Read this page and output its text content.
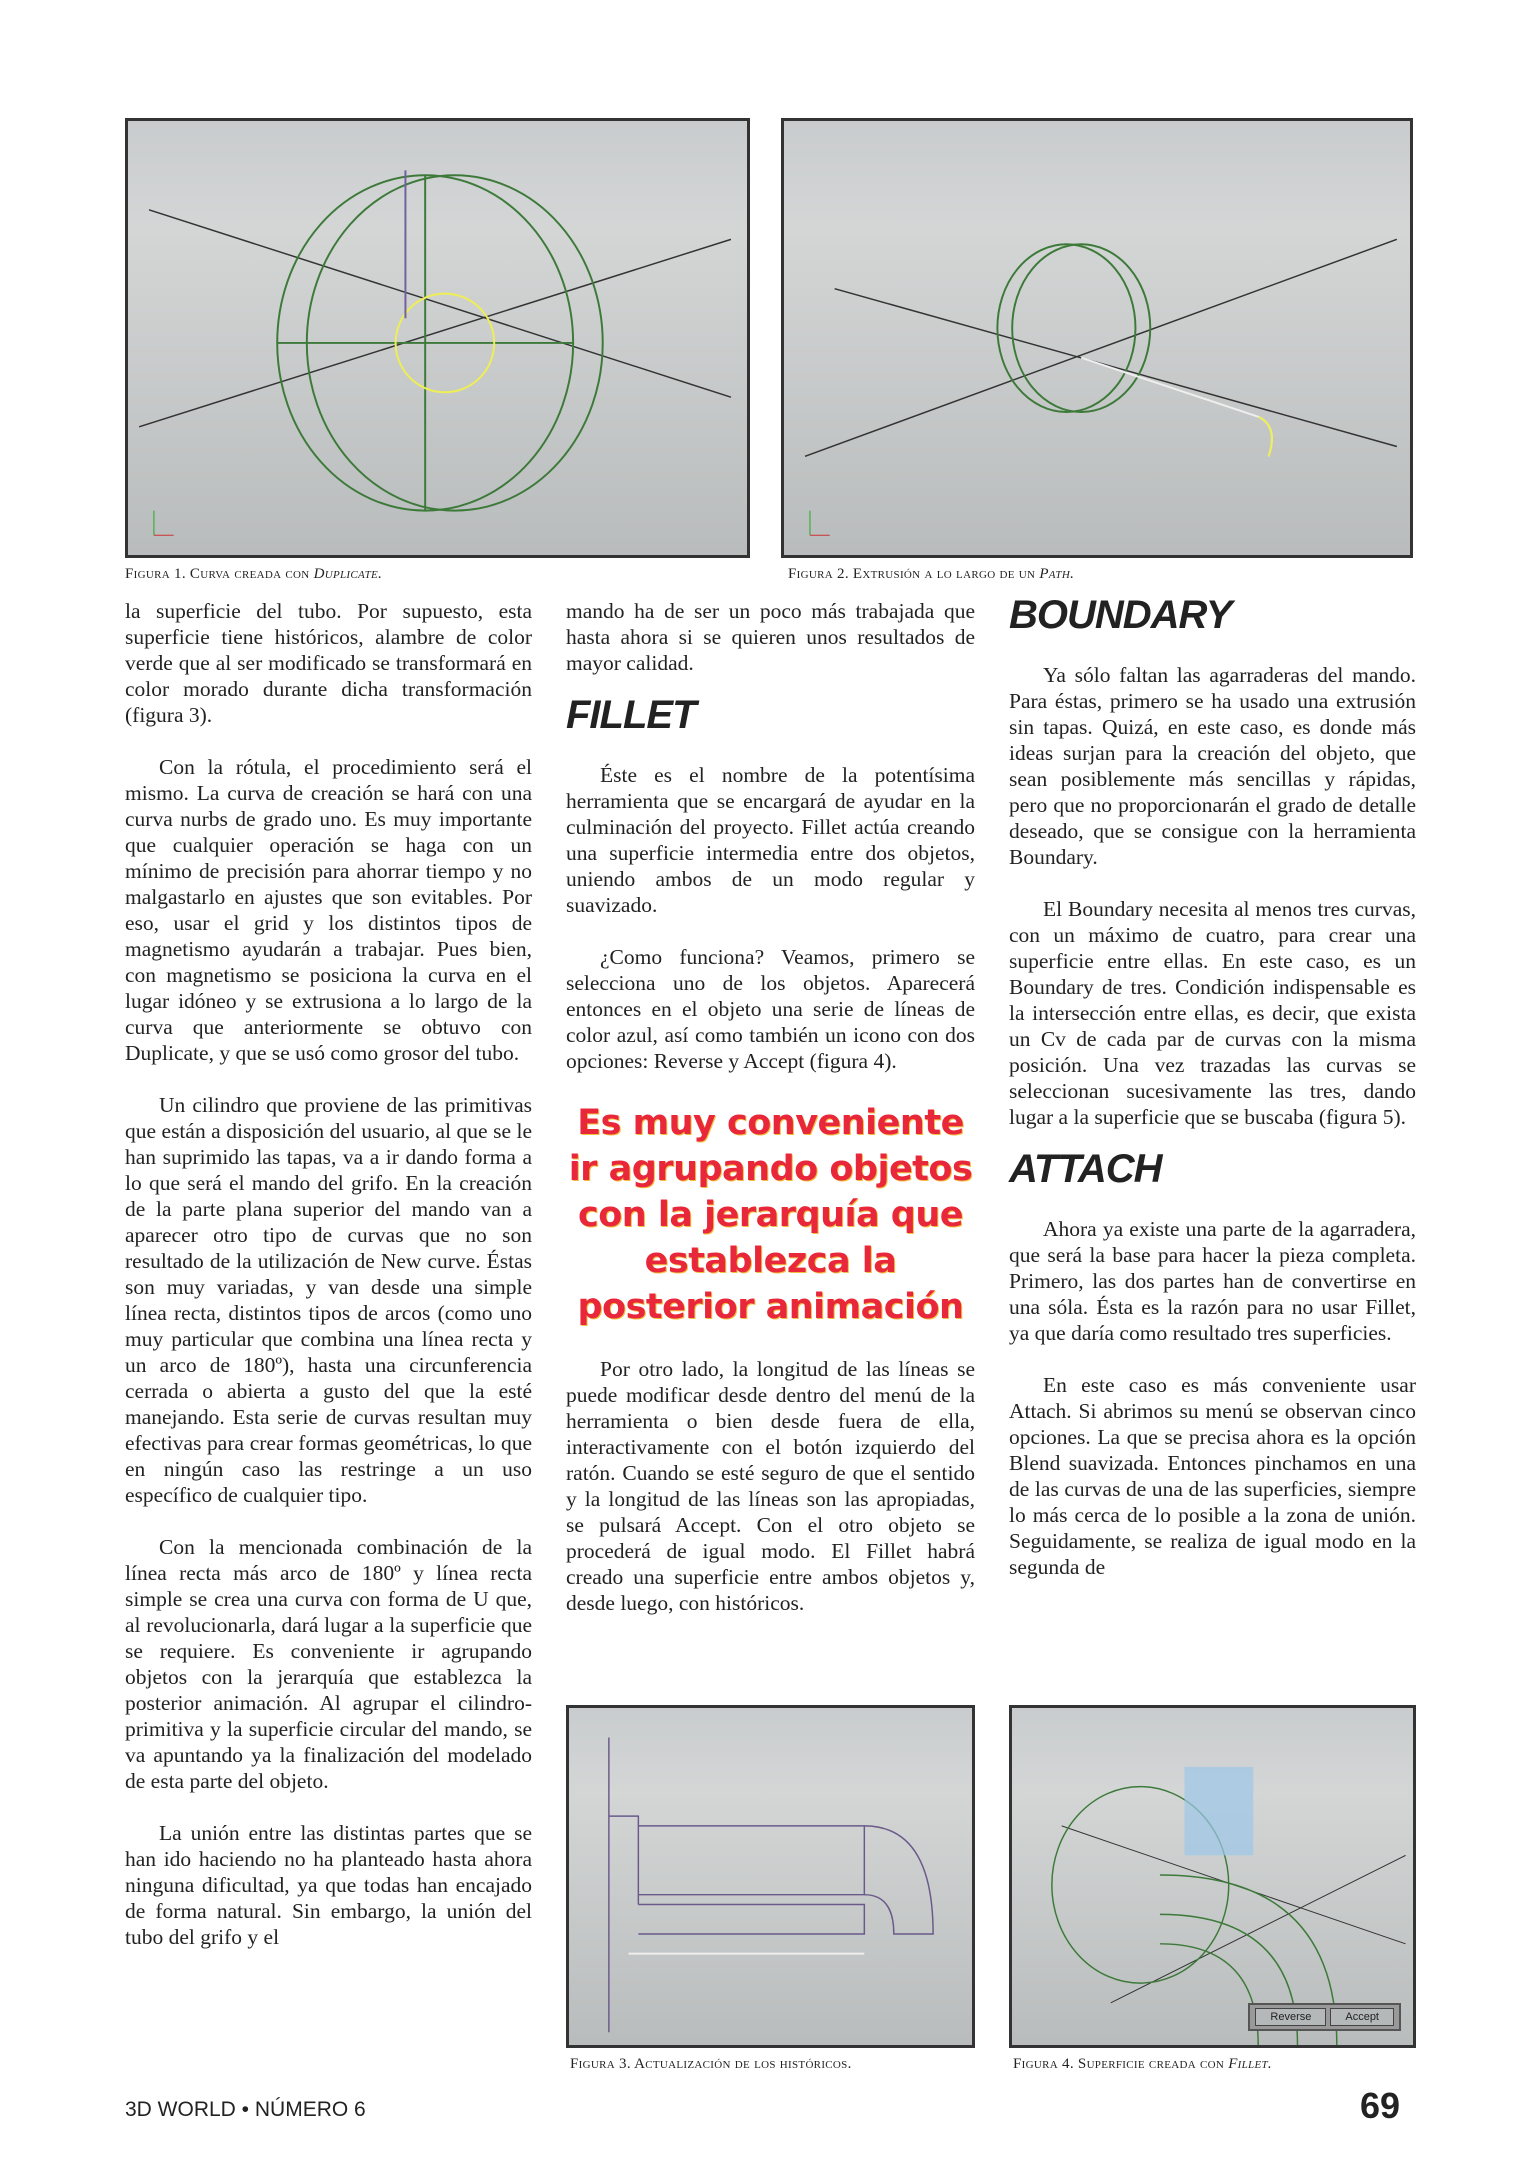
Figura 1. Curva creada con Duplicate.	Figura 2. Extrusión a lo largo de un Path.

la superficie del tubo. Por supuesto, esta superficie tiene históricos, alambre de color verde que al ser modificado se transformará en color morado durante dicha transformación (figura 3).

Con la rótula, el procedimiento será el mismo. La curva de creación se hará con una curva nurbs de grado uno. Es muy importante que cualquier operación se haga con un mínimo de precisión para ahorrar tiempo y no malgastarlo en ajustes que son evitables. Por eso, usar el grid y los distintos tipos de magnetismo ayudarán a trabajar. Pues bien, con magnetismo se posiciona la curva en el lugar idóneo y se extrusiona a lo largo de la curva que anteriormente se obtuvo con Duplicate, y que se usó como grosor del tubo.

Un cilindro que proviene de las primitivas que están a disposición del usuario, al que se le han suprimido las tapas, va a ir dando forma a lo que será el mando del grifo. En la creación de la parte plana superior del mando van a aparecer otro tipo de curvas que no son resultado de la utilización de New curve. Éstas son muy variadas, y van desde una simple línea recta, distintos tipos de arcos (como uno muy particular que combina una línea recta y un arco de 180º), hasta una circunferencia cerrada o abierta a gusto del que la esté manejando. Esta serie de curvas resultan muy efectivas para crear formas geométricas, lo que en ningún caso las restringe a un uso específico de cualquier tipo.

Con la mencionada combinación de la línea recta más arco de 180º y línea recta simple se crea una curva con forma de U que, al revolucionarla, dará lugar a la superficie que se requiere. Es conveniente ir agrupando objetos con la jerarquía que establezca la posterior animación. Al agrupar el cilindro-primitiva y la superficie circular del mando, se va apuntando ya la finalización del modelado de esta parte del objeto.

La unión entre las distintas partes que se han ido haciendo no ha planteado hasta ahora ninguna dificultad, ya que todas han encajado de forma natural. Sin embargo, la unión del tubo del grifo y el

mando ha de ser un poco más trabajada que hasta ahora si se quieren unos resultados de mayor calidad.

FILLET

Éste es el nombre de la potentísima herramienta que se encargará de ayudar en la culminación del proyecto. Fillet actúa creando una superficie intermedia entre dos objetos, uniendo ambos de un modo regular y suavizado.

¿Como funciona? Veamos, primero se selecciona uno de los objetos. Aparecerá entonces en el objeto una serie de líneas de color azul, así como también un icono con dos opciones: Reverse y Accept (figura 4).

Es muy conveniente ir agrupando objetos con la jerarquía que establezca la posterior animación

Por otro lado, la longitud de las líneas se puede modificar desde dentro del menú de la herramienta o bien desde fuera de ella, interactivamente con el botón izquierdo del ratón. Cuando se esté seguro de que el sentido y la longitud de las líneas son las apropiadas, se pulsará Accept. Con el otro objeto se procederá de igual modo. El Fillet habrá creado una superficie entre ambos objetos y, desde luego, con históricos.

BOUNDARY

Ya sólo faltan las agarraderas del mando. Para éstas, primero se ha usado una extrusión sin tapas. Quizá, en este caso, es donde más ideas surjan para la creación del objeto, que sean posiblemente más sencillas y rápidas, pero que no proporcionarán el grado de detalle deseado, que se consigue con la herramienta Boundary.

El Boundary necesita al menos tres curvas, con un máximo de cuatro, para crear una superficie entre ellas. En este caso, es un Boundary de tres. Condición indispensable es la intersección entre ellas, es decir, que exista un Cv de cada par de curvas con la misma posición. Una vez trazadas las curvas se seleccionan sucesivamente las tres, dando lugar a la superficie que se buscaba (figura 5).

ATTACH

Ahora ya existe una parte de la agarradera, que será la base para hacer la pieza completa. Primero, las dos partes han de convertirse en una sóla. Ésta es la razón para no usar Fillet, ya que daría como resultado tres superficies.

En este caso es más conveniente usar Attach. Si abrimos su menú se observan cinco opciones. La que se precisa ahora es la opción Blend suavizada. Entonces pinchamos en una de las curvas de una de las superficies, siempre lo más cerca de lo posible a la zona de unión. Seguidamente, se realiza de igual modo en la segunda de

Figura 3. Actualización de los históricos.
Reverse	Accept
Figura 4. Superficie creada con Fillet.
3D WORLD • NÚMERO 6	69
